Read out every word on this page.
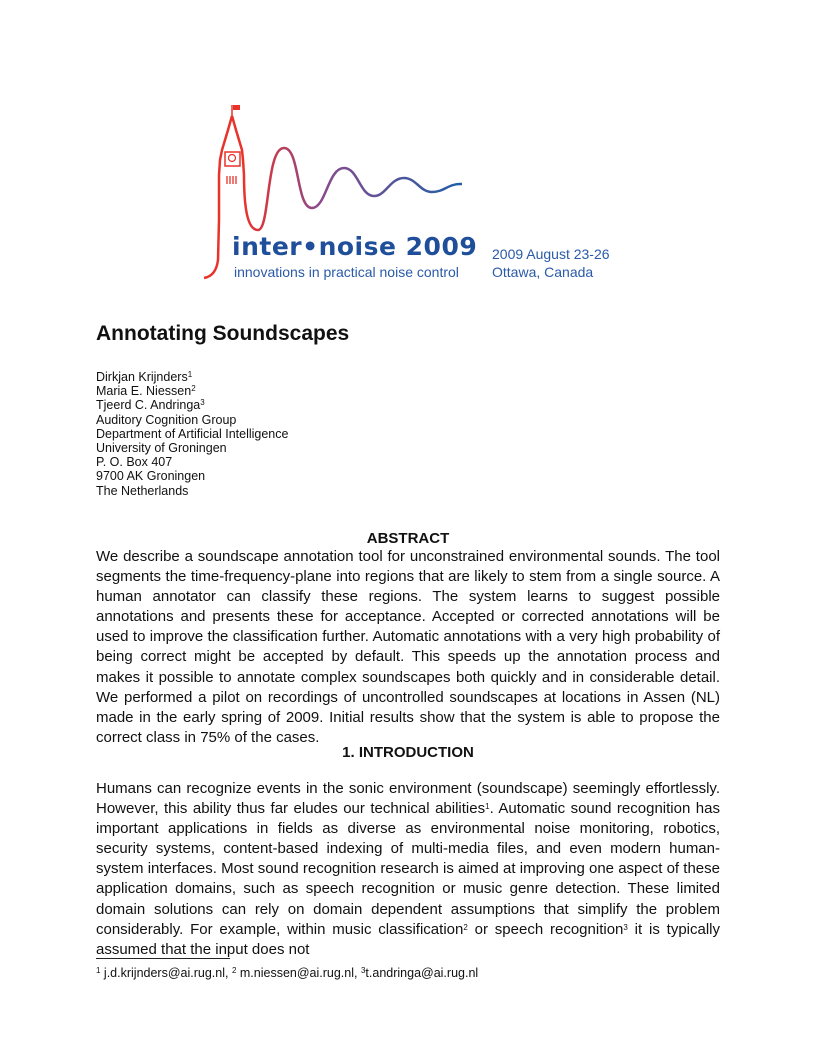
inter•noise 2009
innovations in practical noise control
2009 August 23-26
Ottawa, Canada
Annotating Soundscapes
Dirkjan Krijnders$^1$
Maria E. Niessen$^2$
Tjeerd C. Andringa$^3$
Auditory Cognition Group
Department of Artificial Intelligence
University of Groningen
P. O. Box 407
9700 AK Groningen
The Netherlands
ABSTRACT

We describe a soundscape annotation tool for unconstrained environmental sounds. The tool segments the time-frequency-plane into regions that are likely to stem from a single source. A human annotator can classify these regions. The system learns to suggest possible annotations and presents these for acceptance. Accepted or corrected annotations will be used to improve the classification further. Automatic annotations with a very high probability of being correct might be accepted by default. This speeds up the annotation process and makes it possible to annotate complex soundscapes both quickly and in considerable detail. We performed a pilot on recordings of uncontrolled soundscapes at locations in Assen (NL) made in the early spring of 2009. Initial results show that the system is able to propose the correct class in 75% of the cases.

1. INTRODUCTION

Humans can recognize events in the sonic environment (soundscape) seemingly effortlessly. However, this ability thus far eludes our technical abilities$^1$. Automatic sound recognition has important applications in fields as diverse as environmental noise monitoring, robotics, security systems, content-based indexing of multi-media files, and even modern human-system interfaces. Most sound recognition research is aimed at improving one aspect of these application domains, such as speech recognition or music genre detection. These limited domain solutions can rely on domain dependent assumptions that simplify the problem considerably. For example, within music classification$^2$ or speech recognition$^3$ it is typically assumed that the input does not

$^1$ j.d.krijnders@ai.rug.nl, $^2$ m.niessen@ai.rug.nl, $^3$t.andringa@ai.rug.nl
